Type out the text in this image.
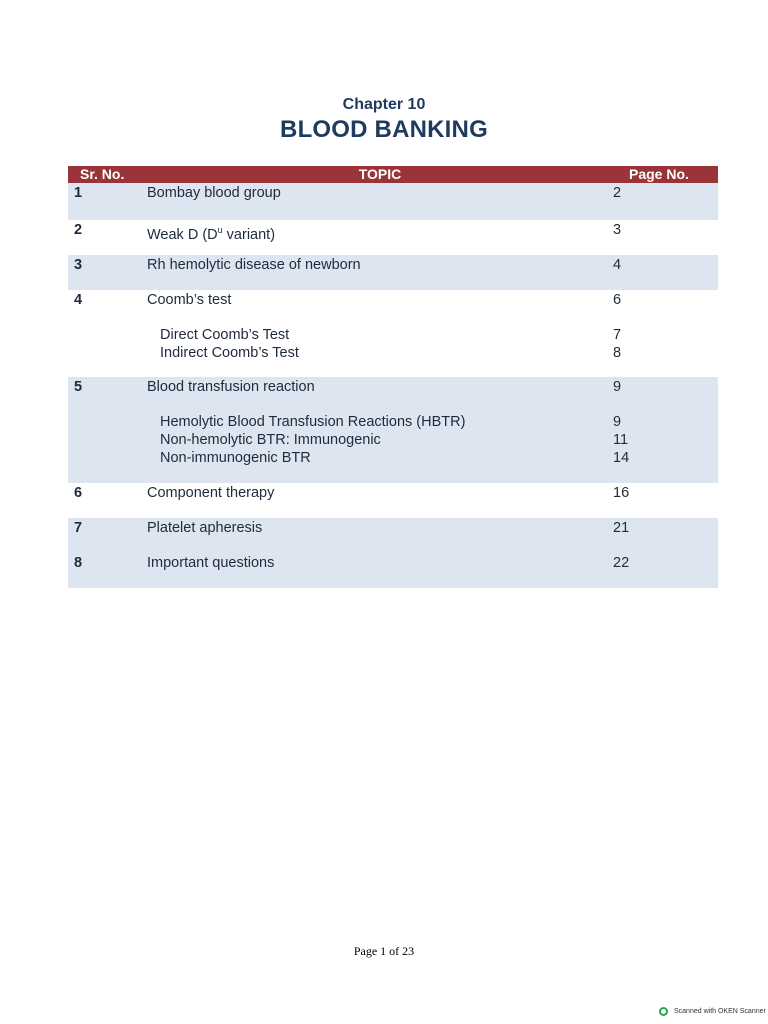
Chapter 10
BLOOD BANKING
Sr. No.	TOPIC	Page No.
1	Bombay blood group	2
2	Weak D ($D^u$ variant)	3
3	Rh hemolytic disease of newborn	4
4	Coomb’s test	6
Direct Coomb’s Test	7
Indirect Coomb’s Test	8
5	Blood transfusion reaction	9
Hemolytic Blood Transfusion Reactions (HBTR)	9
Non-hemolytic BTR: Immunogenic	11
Non-immunogenic BTR	14
6	Component therapy	16
7	Platelet apheresis	21
8	Important questions	22
Page 1 of 23
Scanned with OKEN Scanner
